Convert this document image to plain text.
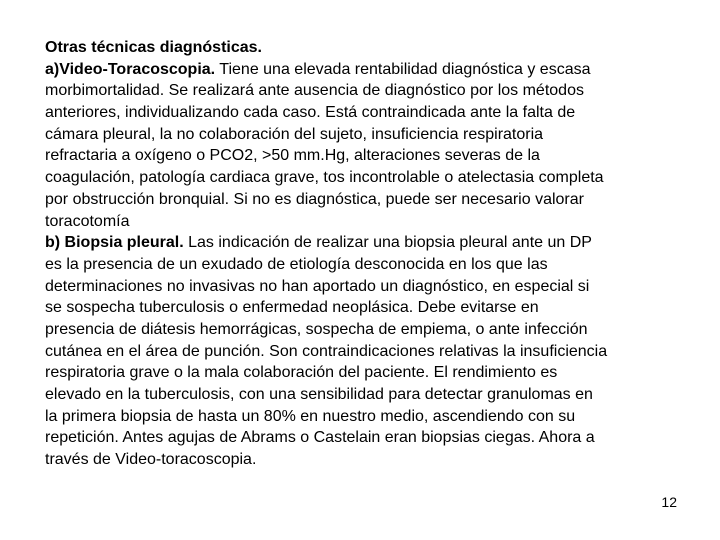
Otras técnicas diagnósticas.
a)Video-Toracoscopia. Tiene una elevada rentabilidad diagnóstica y escasa
morbimortalidad. Se realizará ante ausencia de diagnóstico por los métodos
anteriores, individualizando cada caso. Está contraindicada ante la falta de
cámara pleural, la no colaboración del sujeto, insuficiencia respiratoria
refractaria a oxígeno o PCO2, >50 mm.Hg, alteraciones severas de la
coagulación, patología cardiaca grave, tos incontrolable o atelectasia completa
por obstrucción bronquial. Si no es diagnóstica, puede ser necesario valorar
toracotomía
b) Biopsia pleural. Las indicación de realizar una biopsia pleural ante un DP
es la presencia de un exudado de etiología desconocida en los que las
determinaciones no invasivas no han aportado un diagnóstico, en especial si
se sospecha tuberculosis o enfermedad neoplásica. Debe evitarse en
presencia de diátesis hemorrágicas, sospecha de empiema, o ante infección
cutánea en el área de punción. Son contraindicaciones relativas la insuficiencia
respiratoria grave o la mala colaboración del paciente. El rendimiento es
elevado en la tuberculosis, con una sensibilidad para detectar granulomas en
la primera biopsia de hasta un 80% en nuestro medio, ascendiendo con su
repetición. Antes agujas de Abrams o Castelain eran biopsias ciegas. Ahora a
través de Video-toracoscopia.
12
